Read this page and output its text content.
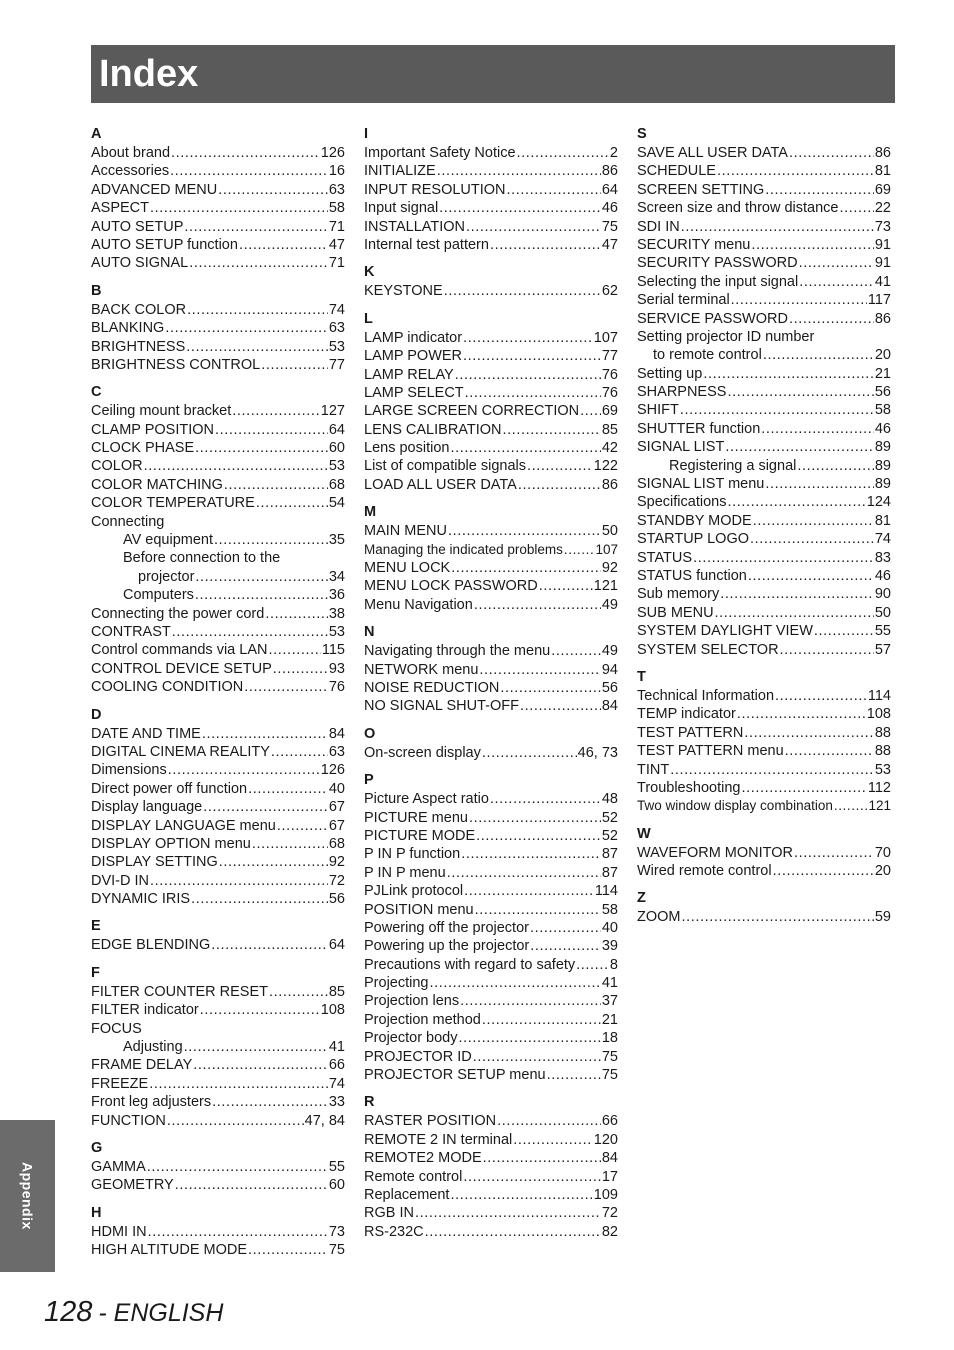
Index
A
About brand .....	126
Accessories .....	16
ADVANCED MENU .....	63
ASPECT .....	58
AUTO SETUP .....	71
AUTO SETUP function .....	47
AUTO SIGNAL .....	71
B
BACK COLOR .....	74
BLANKING .....	63
BRIGHTNESS .....	53
BRIGHTNESS CONTROL .....	77
C
Ceiling mount bracket .....	127
CLAMP POSITION .....	64
CLOCK PHASE .....	60
COLOR .....	53
COLOR MATCHING .....	68
COLOR TEMPERATURE .....	54
Connecting
AV equipment .....	35
Before connection to the
projector .....	34
Computers .....	36
Connecting the power cord .....	38
CONTRAST .....	53
Control commands via LAN .....	115
CONTROL DEVICE SETUP .....	93
COOLING CONDITION .....	76
D
DATE AND TIME .....	84
DIGITAL CINEMA REALITY .....	63
Dimensions .....	126
Direct power off function .....	40
Display language .....	67
DISPLAY LANGUAGE menu .....	67
DISPLAY OPTION menu .....	68
DISPLAY SETTING .....	92
DVI-D IN .....	72
DYNAMIC IRIS .....	56
E
EDGE BLENDING .....	64
F
FILTER COUNTER RESET .....	85
FILTER indicator .....	108
FOCUS
Adjusting .....	41
FRAME DELAY .....	66
FREEZE .....	74
Front leg adjusters .....	33
FUNCTION .....	47, 84
G
GAMMA .....	55
GEOMETRY .....	60
H
HDMI IN .....	73
HIGH ALTITUDE MODE .....	75
I
Important Safety Notice .....	2
INITIALIZE .....	86
INPUT RESOLUTION .....	64
Input signal .....	46
INSTALLATION .....	75
Internal test pattern .....	47
K
KEYSTONE .....	62
L
LAMP indicator .....	107
LAMP POWER .....	77
LAMP RELAY .....	76
LAMP SELECT .....	76
LARGE SCREEN CORRECTION ..... 69
LENS CALIBRATION .....	85
Lens position .....	42
List of compatible signals .....	122
LOAD ALL USER DATA .....	86
M
MAIN MENU .....	50
Managing the indicated problems ..... 107
MENU LOCK .....	92
MENU LOCK PASSWORD .....	121
Menu Navigation .....	49
N
Navigating through the menu .....	49
NETWORK menu .....	94
NOISE REDUCTION .....	56
NO SIGNAL SHUT-OFF .....	84
O
On-screen display .....	46, 73
P
Picture Aspect ratio .....	48
PICTURE menu .....	52
PICTURE MODE .....	52
P IN P function .....	87
P IN P menu .....	87
PJLink protocol .....	114
POSITION menu .....	58
Powering off the projector .....	40
Powering up the projector .....	39
Precautions with regard to safety ..... 8
Projecting .....	41
Projection lens .....	37
Projection method .....	21
Projector body .....	18
PROJECTOR ID .....	75
PROJECTOR SETUP menu .....	75
R
RASTER POSITION .....	66
REMOTE 2 IN terminal .....	120
REMOTE2 MODE .....	84
Remote control .....	17
Replacement .....	109
RGB IN .....	72
RS-232C .....	82
S
SAVE ALL USER DATA .....	86
SCHEDULE .....	81
SCREEN SETTING .....	69
Screen size and throw distance .....	22
SDI IN .....	73
SECURITY menu .....	91
SECURITY PASSWORD .....	91
Selecting the input signal .....	41
Serial terminal .....	117
SERVICE PASSWORD .....	86
Setting projector ID number
to remote control .....	20
Setting up .....	21
SHARPNESS .....	56
SHIFT .....	58
SHUTTER function .....	46
SIGNAL LIST .....	89
Registering a signal .....	89
SIGNAL LIST menu .....	89
Specifications .....	124
STANDBY MODE .....	81
STARTUP LOGO .....	74
STATUS .....	83
STATUS function .....	46
Sub memory .....	90
SUB MENU .....	50
SYSTEM DAYLIGHT VIEW .....	55
SYSTEM SELECTOR .....	57
T
Technical Information .....	114
TEMP indicator .....	108
TEST PATTERN .....	88
TEST PATTERN menu .....	88
TINT .....	53
Troubleshooting .....	112
Two window display combination .....	121
W
WAVEFORM MONITOR .....	70
Wired remote control .....	20
Z
ZOOM .....	59
Appendix
128 - ENGLISH
